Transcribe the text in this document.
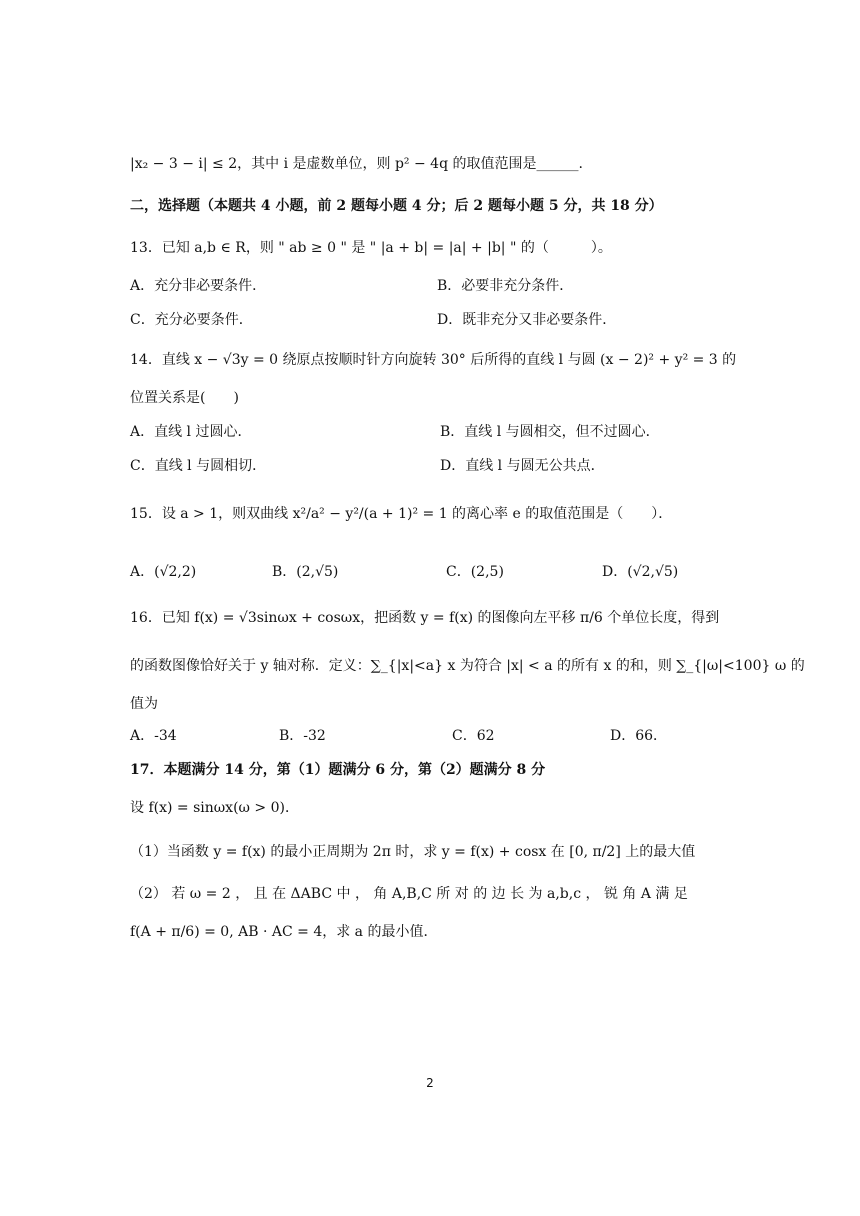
|x₂ − 3 − i| ≤ 2，其中 i 是虚数单位，则 p² − 4q 的取值范围是______.
二，选择题（本题共 4 小题，前 2 题每小题 4 分；后 2 题每小题 5 分，共 18 分）
13．已知 a,b ∈ R，则 " ab ≥ 0 " 是 " |a + b| = |a| + |b| " 的（　　　）。
A．充分非必要条件．	B．必要非充分条件．
C．充分必要条件．	D．既非充分又非必要条件．
14．直线 x − √3y = 0 绕原点按顺时针方向旋转 30° 后所得的直线 l 与圆 (x − 2)² + y² = 3 的
位置关系是(　　)
A．直线 l 过圆心．	B．直线 l 与圆相交，但不过圆心．
C．直线 l 与圆相切．	D．直线 l 与圆无公共点．
15．设 a > 1，则双曲线 x²/a² − y²/(a + 1)² = 1 的离心率 e 的取值范围是（　　）．
A．(√2,2)	B．(2,√5)	C．(2,5)	D．(√2,√5)
16．已知 f(x) = √3sinωx + cosωx，把函数 y = f(x) 的图像向左平移 π/6 个单位长度，得到
的函数图像恰好关于 y 轴对称．定义：∑_{|x|<a} x 为符合 |x| < a 的所有 x 的和，则 ∑_{|ω|<100} ω 的
值为
A．-34	B．-32	C．62	D．66．
17．本题满分 14 分，第（1）题满分 6 分，第（2）题满分 8 分
设 f(x) = sinωx(ω > 0)．
（1）当函数 y = f(x) 的最小正周期为 2π 时，求 y = f(x) + cosx 在 [0, π/2] 上的最大值
（2） 若 ω = 2 ， 且 在 ΔABC 中 ， 角 A,B,C 所 对 的 边 长 为 a,b,c ， 锐 角 A 满 足
f(A + π/6) = 0, AB · AC = 4，求 a 的最小值．
2
